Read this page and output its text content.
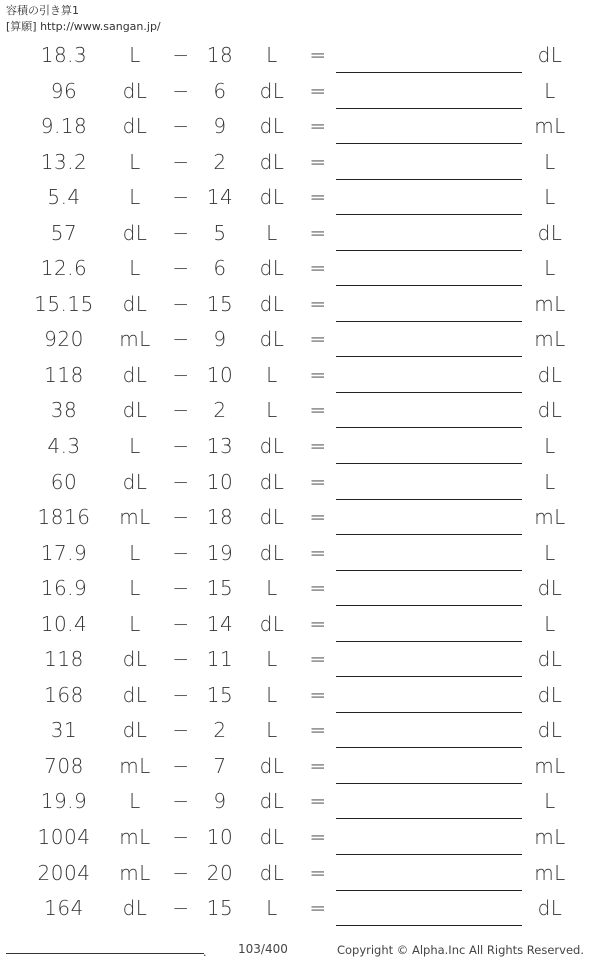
容積の引き算1
[算願] http://www.sangan.jp/
18.3	L	− 18	L	=	dL
96	dL	−	6	dL	=	L
9.18	dL	−	9	dL	=	mL
13.2	L	−	2	dL	=	L
5.4	L	− 14	dL	=	L
57	dL	−	5	L	=	dL
12.6	L	−	6	dL	=	L
15.15	dL	− 15	dL	=	mL
920	mL	−	9	dL	=	mL
118	dL	− 10	L	=	dL
38	dL	−	2	L	=	dL
4.3	L	− 13	dL	=	L
60	dL	− 10	dL	=	L
1816	mL	− 18	dL	=	mL
17.9	L	− 19	dL	=	L
16.9	L	− 15	L	=	dL
10.4	L	− 14	dL	=	L
118	dL	− 11	L	=	dL
168	dL	− 15	L	=	dL
31	dL	−	2	L	=	dL
708	mL	−	7	dL	=	mL
19.9	L	−	9	dL	=	L
1004	mL	− 10	dL	=	mL
2004	mL	− 20	dL	=	mL
164	dL	− 15	L	=	dL
.	103/400	Copyright © Alpha.Inc All Rights Reserved.
